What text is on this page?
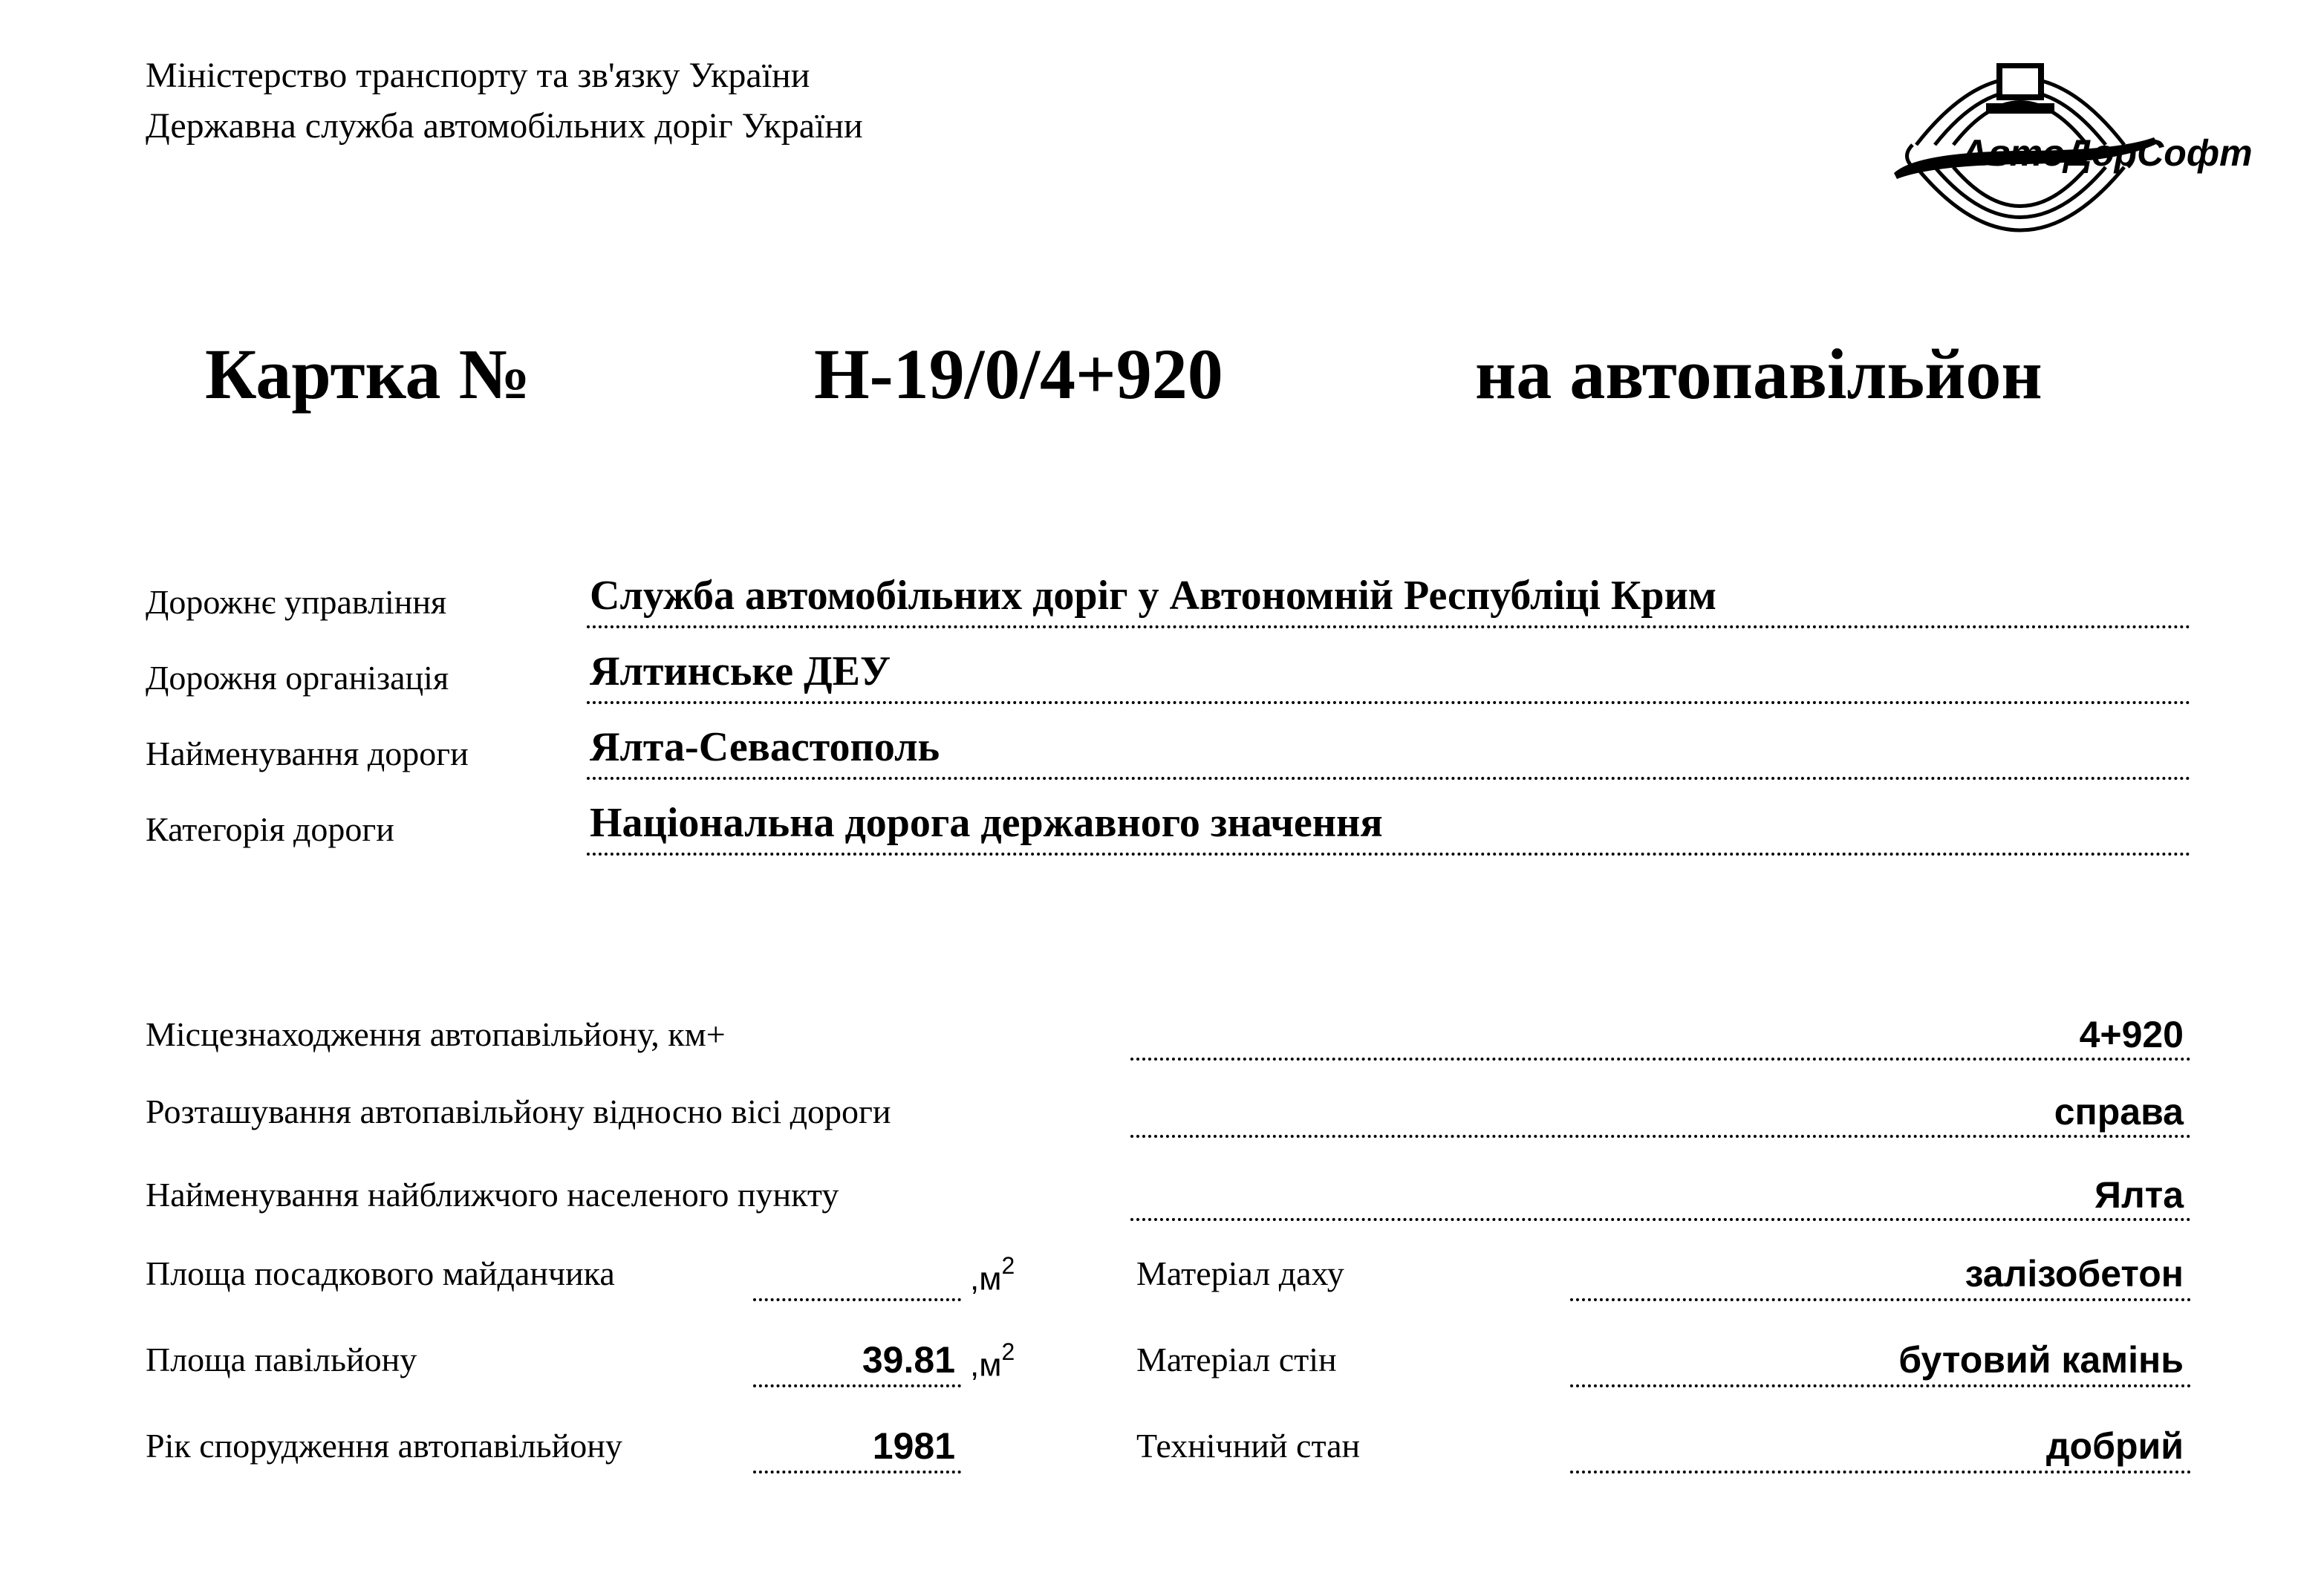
Міністерство транспорту та зв'язку України
Державна служба автомобільних доріг України
АвтоДорСофт
Картка №	Н-19/0/4+920	на автопавільйон
Дорожнє управління	Служба автомобільних доріг у Автономній Республіці Крим
Дорожня організація	Ялтинське ДЕУ
Найменування дороги	Ялта-Севастополь
Категорія дороги	Національна дорога державного значення
Місцезнаходження автопавільйону, км+	4+920
Розташування автопавільйону відносно вісі дороги	справа
Найменування найближчого населеного пункту	Ялта
Площа посадкового майданчика	$,м^2$
Площа павільйону	39.81 $,м^2$
Рік спорудження автопавільйону	1981
Матеріал даху	залізобетон
Матеріал стін	бутовий камінь
Технічний стан	добрий
